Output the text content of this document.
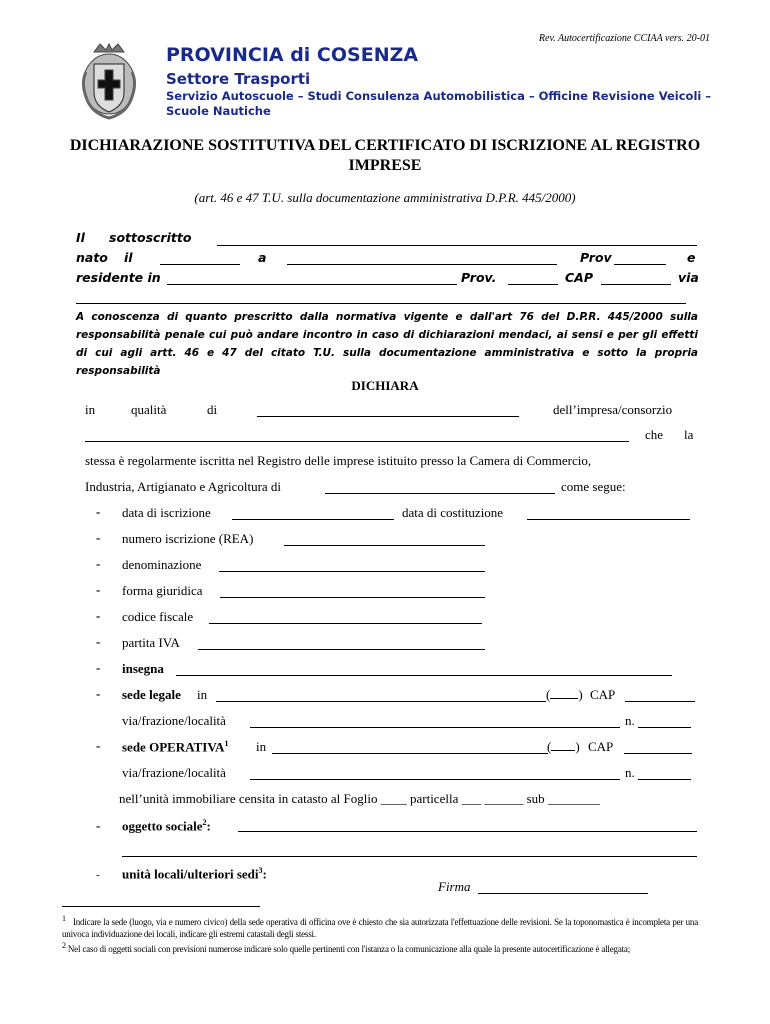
Rev. Autocertificazione CCIAA vers. 20-01
PROVINCIA di COSENZA
Settore Trasporti
Servizio Autoscuole – Studi Consulenza Automobilistica – Officine Revisione Veicoli – Scuole Nautiche
DICHIARAZIONE SOSTITUTIVA DEL CERTIFICATO DI ISCRIZIONE AL REGISTRO IMPRESE
(art. 46 e 47 T.U. sulla documentazione amministrativa D.P.R. 445/2000)
Il sottoscritto
nato il	a	Prov	e
residente in	Prov.	CAP	via
A conoscenza di quanto prescritto dalla normativa vigente e dall'art 76 del D.P.R. 445/2000 sulla responsabilità penale cui può andare incontro in caso di dichiarazioni mendaci, ai sensi e per gli effetti di cui agli artt. 46 e 47 del citato T.U. sulla documentazione amministrativa e sotto la propria responsabilità
DICHIARA
in	qualità	di	dell’impresa/consorzio
che la
stessa è regolarmente iscritta nel Registro delle imprese istituito presso la Camera di Commercio,
Industria, Artigianato e Agricoltura di	come segue:
- data di iscrizione	data di costituzione
- numero iscrizione (REA)
- denominazione
- forma giuridica
- codice fiscale
- partita IVA
- insegna
- sede legale in	( ) CAP
via/frazione/località	n.
- sede OPERATIVA$^1$ in	( ) CAP
via/frazione/località	n.
nell’unità immobiliare censita in catasto al Foglio ____ particella ___ ______ sub ________
- oggetto sociale$^2$:
- unità locali/ulteriori sedi$^3$:
Firma
1 Indicare la sede (luogo, via e numero civico) della sede operativa di officina ove è chiesto che sia autorizzata l'effettuazione delle revisioni. Se la toponomastica è incompleta per una univoca individuazione dei locali, indicare gli estremi catastali degli stessi.
2 Nel caso di oggetti sociali con previsioni numerose indicare solo quelle pertinenti con l'istanza o la comunicazione alla quale la presente autocertificazione è allegata;
